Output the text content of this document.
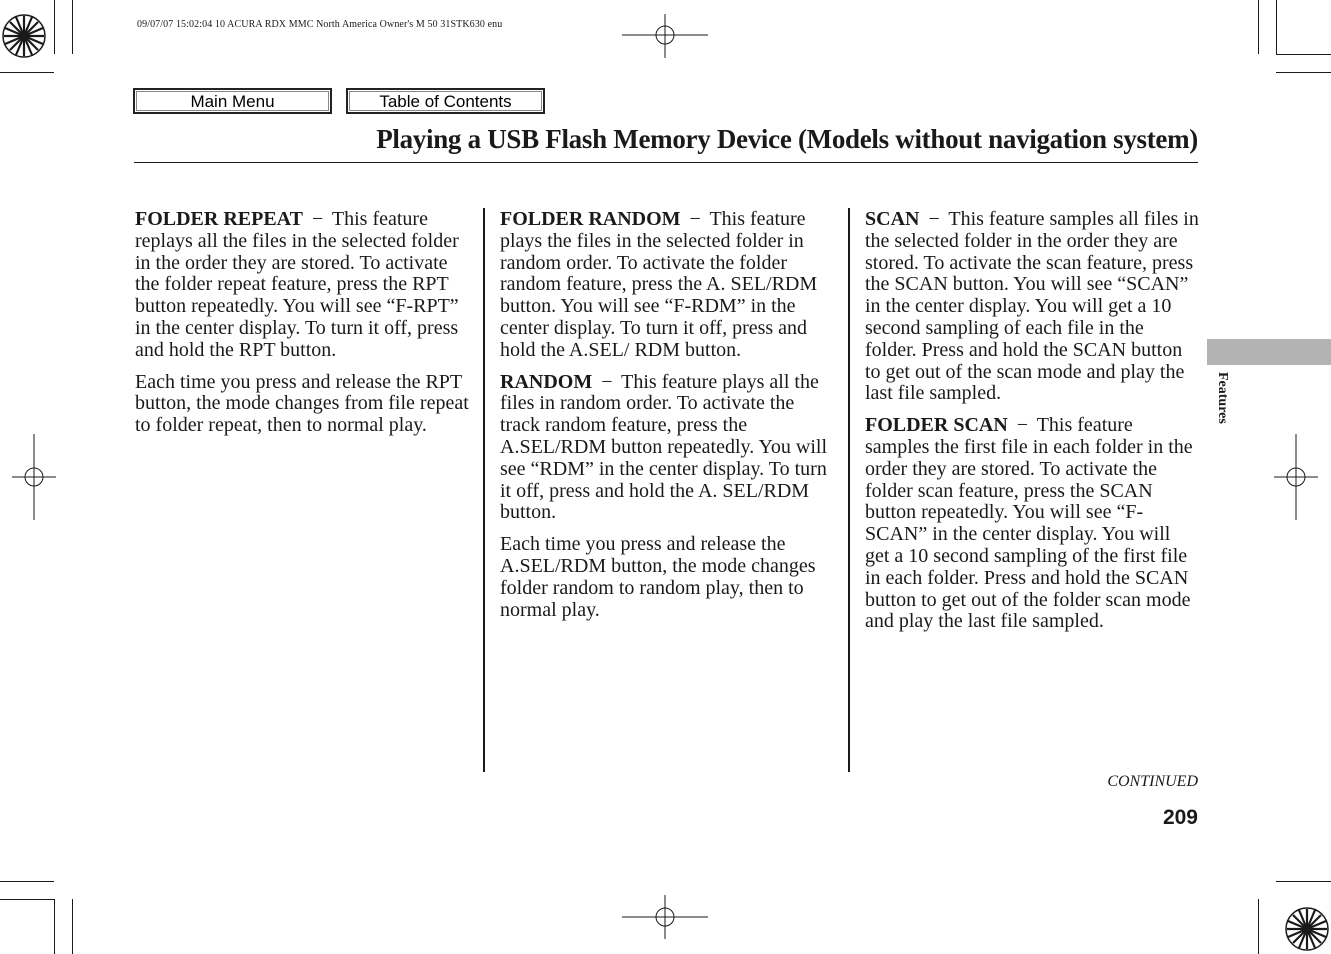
09/07/07 15:02:04 10 ACURA RDX MMC North America Owner's M 50 31STK630 enu
Main Menu	Table of Contents
Playing a USB Flash Memory Device (Models without navigation system)

FOLDER REPEAT − This feature replays all the files in the selected folder in the order they are stored. To activate the folder repeat feature, press the RPT button repeatedly. You will see “F-RPT” in the center display. To turn it off, press and hold the RPT button.

Each time you press and release the RPT button, the mode changes from file repeat to folder repeat, then to normal play.

FOLDER RANDOM − This feature plays the files in the selected folder in random order. To activate the folder random feature, press the A. SEL/RDM button. You will see “F-RDM” in the center display. To turn it off, press and hold the A.SEL/ RDM button.

RANDOM − This feature plays all the files in random order. To activate the track random feature, press the A.SEL/RDM button repeatedly. You will see “RDM” in the center display. To turn it off, press and hold the A. SEL/RDM button.

Each time you press and release the A.SEL/RDM button, the mode changes folder random to random play, then to normal play.

SCAN − This feature samples all files in the selected folder in the order they are stored. To activate the scan feature, press the SCAN button. You will see “SCAN” in the center display. You will get a 10 second sampling of each file in the folder. Press and hold the SCAN button to get out of the scan mode and play the last file sampled.

FOLDER SCAN − This feature samples the first file in each folder in the order they are stored. To activate the folder scan feature, press the SCAN button repeatedly. You will see “F-SCAN” in the center display. You will get a 10 second sampling of the first file in each folder. Press and hold the SCAN button to get out of the folder scan mode and play the last file sampled.

Features
CONTINUED
209
